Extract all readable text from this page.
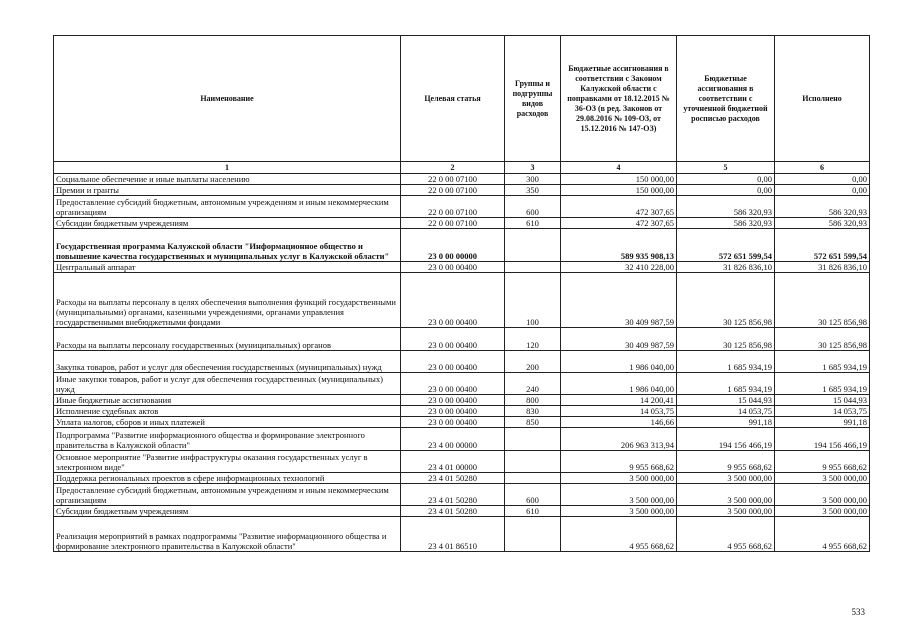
Наименование	Целевая статья	Группы и подгруппы видов расходов	Бюджетные ассигнования в соответствии с Законом Калужской области с поправками от 18.12.2015 № 36-ОЗ (в ред. Законов от 29.08.2016 № 109-ОЗ, от 15.12.2016 № 147-ОЗ)	Бюджетные ассигнования в соответствии с уточненной бюджетной росписью расходов	Исполнено
1	2	3	4	5	6
Социальное обеспечение и иные выплаты населению	22 0 00 07100	300	150 000,00	0,00	0,00
Премии и гранты	22 0 00 07100	350	150 000,00	0,00	0,00
Предоставление субсидий бюджетным, автономным учреждениям и иным некоммерческим организациям	22 0 00 07100	600	472 307,65	586 320,93	586 320,93
Субсидии бюджетным учреждениям	22 0 00 07100	610	472 307,65	586 320,93	586 320,93
Государственная программа Калужской области "Информационное общество и повышение качества государственных и муниципальных услуг в Калужской области"	23 0 00 00000		589 935 908,13	572 651 599,54	572 651 599,54
Центральный аппарат	23 0 00 00400		32 410 228,00	31 826 836,10	31 826 836,10
Расходы на выплаты персоналу в целях обеспечения выполнения функций государственными (муниципальными) органами, казенными учреждениями, органами управления государственными внебюджетными фондами	23 0 00 00400	100	30 409 987,59	30 125 856,98	30 125 856,98
Расходы на выплаты персоналу государственных (муниципальных) органов	23 0 00 00400	120	30 409 987,59	30 125 856,98	30 125 856,98
Закупка товаров, работ и услуг для обеспечения государственных (муниципальных) нужд	23 0 00 00400	200	1 986 040,00	1 685 934,19	1 685 934,19
Иные закупки товаров, работ и услуг для обеспечения государственных (муниципальных) нужд	23 0 00 00400	240	1 986 040,00	1 685 934,19	1 685 934,19
Иные бюджетные ассигнования	23 0 00 00400	800	14 200,41	15 044,93	15 044,93
Исполнение судебных актов	23 0 00 00400	830	14 053,75	14 053,75	14 053,75
Уплата налогов, сборов и иных платежей	23 0 00 00400	850	146,66	991,18	991,18
Подпрограмма "Развитие информационного общества и формирование электронного правительства в Калужской области"	23 4 00 00000		206 963 313,94	194 156 466,19	194 156 466,19
Основное мероприятие "Развитие инфраструктуры оказания государственных услуг в электронном виде"	23 4 01 00000		9 955 668,62	9 955 668,62	9 955 668,62
Поддержка региональных проектов в сфере информационных технологий	23 4 01 50280		3 500 000,00	3 500 000,00	3 500 000,00
Предоставление субсидий бюджетным, автономным учреждениям и иным некоммерческим организациям	23 4 01 50280	600	3 500 000,00	3 500 000,00	3 500 000,00
Субсидии бюджетным учреждениям	23 4 01 50280	610	3 500 000,00	3 500 000,00	3 500 000,00
Реализация мероприятий в рамках подпрограммы "Развитие информационного общества и формирование электронного правительства в Калужской области"	23 4 01 86510		4 955 668,62	4 955 668,62	4 955 668,62
533
